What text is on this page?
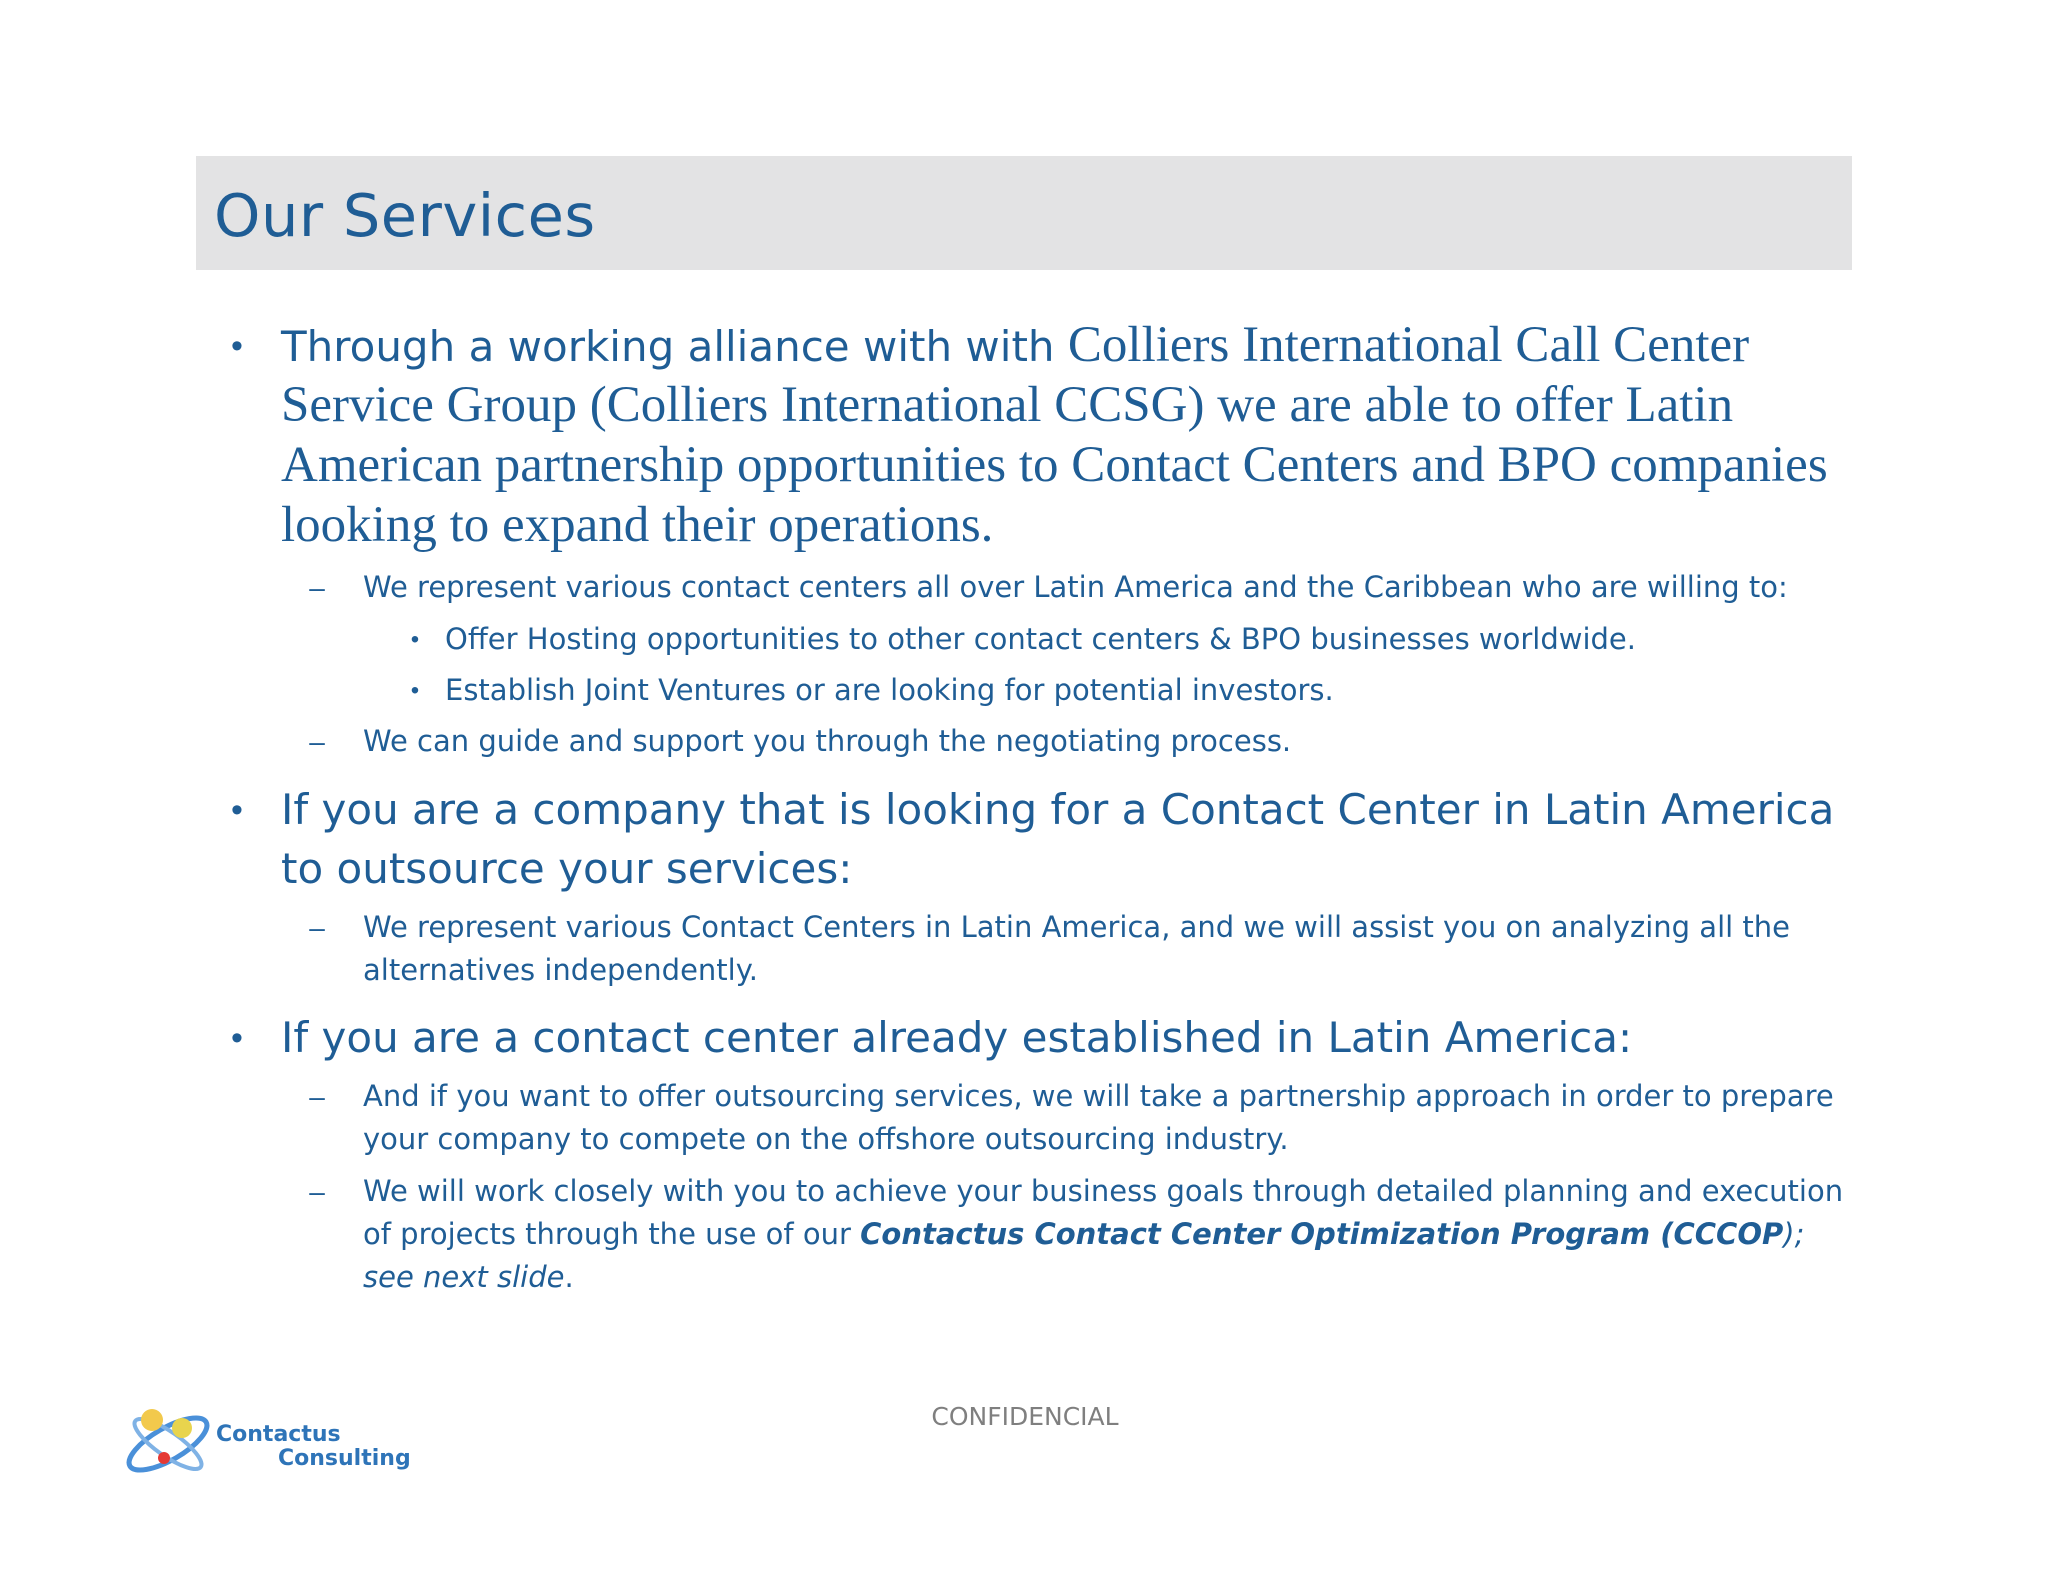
Our Services
• Through a working alliance with with Colliers International Call Center Service Group (Colliers International CCSG) we are able to offer Latin American partnership opportunities to Contact Centers and BPO companies looking to expand their operations.
–	We represent various contact centers all over Latin America and the Caribbean who are willing to:
• Offer Hosting opportunities to other contact centers & BPO businesses worldwide.
• Establish Joint Ventures or are looking for potential investors.
–	We can guide and support you through the negotiating process.
• If you are a company that is looking for a Contact Center in Latin America to outsource your services:
–	We represent various Contact Centers in Latin America, and we will assist you on analyzing all the alternatives independently.
• If you are a contact center already established in Latin America:
–	And if you want to offer outsourcing services, we will take a partnership approach in order to prepare your company to compete on the offshore outsourcing industry.
–	We will work closely with you to achieve your business goals through detailed planning and execution of projects through the use of our Contactus Contact Center Optimization Program (CCCOP); see next slide.
CONFIDENCIAL
Contactus
Consulting
